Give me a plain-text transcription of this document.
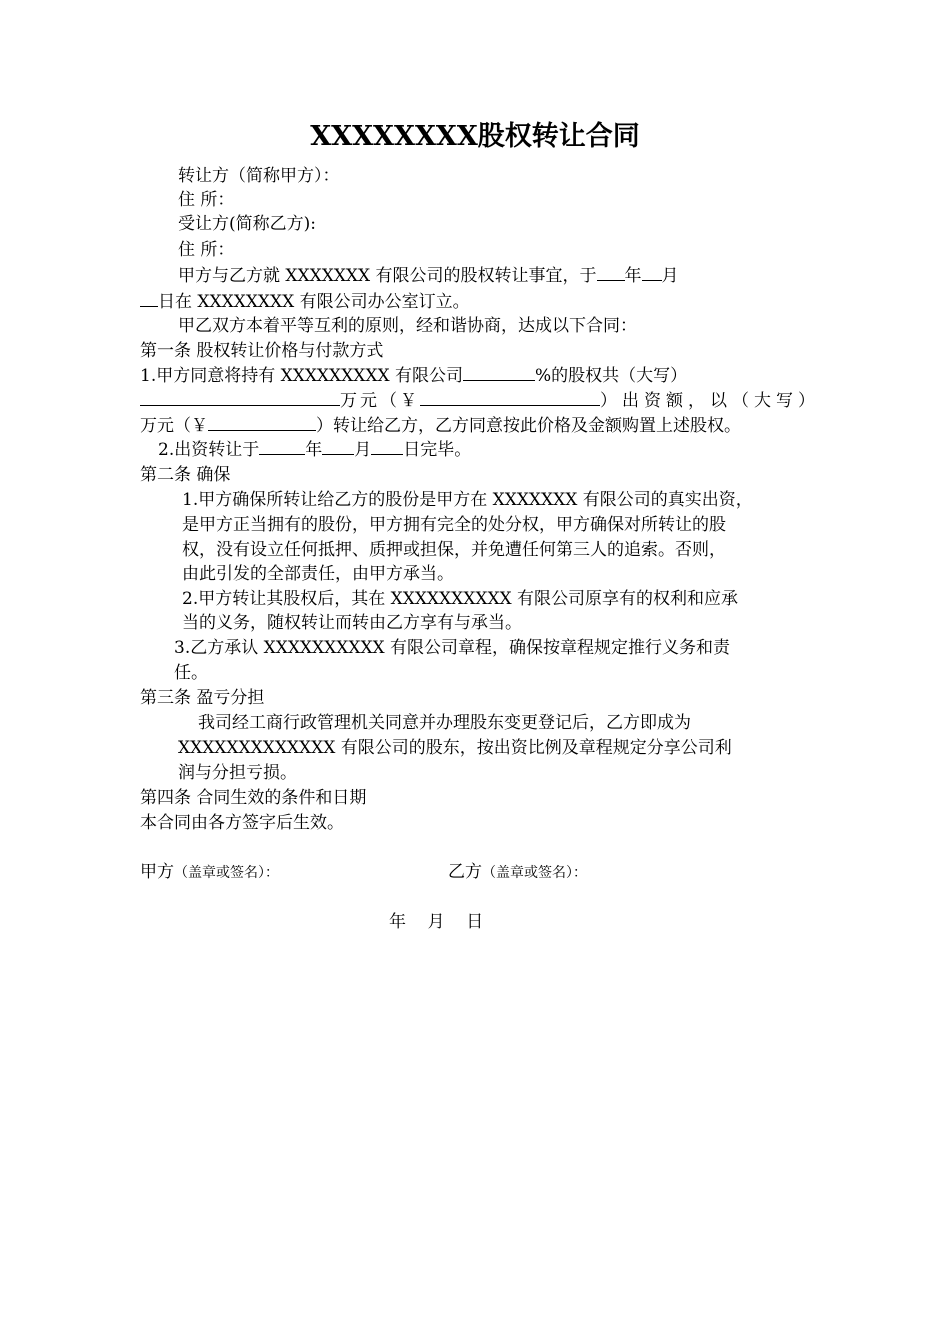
XXXXXXXX股权转让合同
转让方（简称甲方）：
住 所：
受让方(简称乙方):
住 所：
甲方与乙方就 XXXXXXX 有限公司的股权转让事宜，于 年 月
日在 XXXXXXXX 有限公司办公室订立。
甲乙双方本着平等互利的原则，经和谐协商，达成以下合同：
第一条 股权转让价格与付款方式
1.甲方同意将持有 XXXXXXXXX 有限公司	%的股权共（大写）
万元（￥	）出资额，以（大写）
万元（￥	）转让给乙方，乙方同意按此价格及金额购置上述股权。
2.出资转让于	年 月 日完毕。
第二条 确保
1.甲方确保所转让给乙方的股份是甲方在 XXXXXXX 有限公司的真实出资，
是甲方正当拥有的股份，甲方拥有完全的处分权，甲方确保对所转让的股
权，没有设立任何抵押、质押或担保，并免遭任何第三人的追索。否则，
由此引发的全部责任，由甲方承当。
2.甲方转让其股权后，其在 XXXXXXXXXX 有限公司原享有的权利和应承
当的义务，随权转让而转由乙方享有与承当。
3.乙方承认 XXXXXXXXXX 有限公司章程，确保按章程规定推行义务和责
任。
第三条 盈亏分担
我司经工商行政管理机关同意并办理股东变更登记后，乙方即成为
XXXXXXXXXXXXX 有限公司的股东，按出资比例及章程规定分享公司利
润与分担亏损。
第四条 合同生效的条件和日期
本合同由各方签字后生效。
甲方（盖章或签名）：	乙方（盖章或签名）：
年    月    日
